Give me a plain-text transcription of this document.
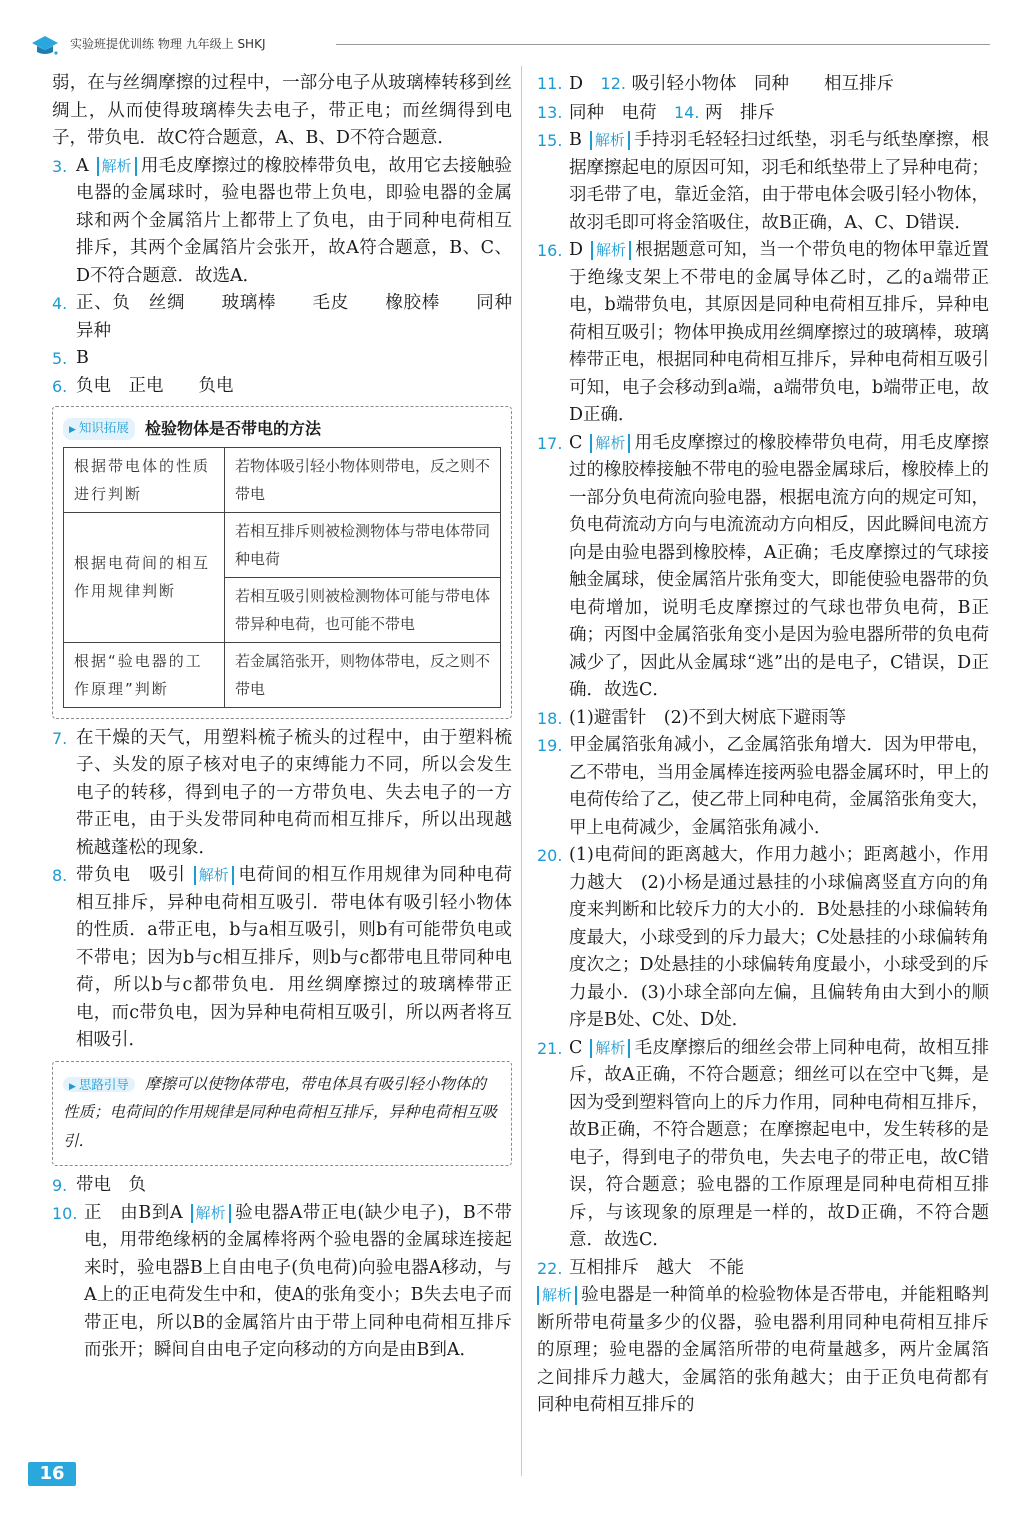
实验班提优训练 物理 九年级上 SHKJ

弱，在与丝绸摩擦的过程中，一部分电子从玻璃棒转移到丝绸上，从而使得玻璃棒失去电子，带正电；而丝绸得到电子，带负电．故C符合题意，A、B、D不符合题意．

3. A 解析 用毛皮摩擦过的橡胶棒带负电，故用它去接触验电器的金属球时，验电器也带上负电，即验电器的金属球和两个金属箔片上都带上了负电，由于同种电荷相互排斥，其两个金属箔片会张开，故A符合题意，B、C、D不符合题意．故选A．
4. 正、负　丝绸　　玻璃棒　　毛皮　　橡胶棒　　同种　　异种
5. B
6. 负电　正电　　负电
▶ 知识拓展	检验物体是否带电的方法
根据带电体的性质进行判断	若物体吸引轻小物体则带电，反之则不带电
根据电荷间的相互作用规律判断	若相互排斥则被检测物体与带电体带同种电荷
	若相互吸引则被检测物体可能与带电体带异种电荷，也可能不带电
根据“验电器的工作原理”判断	若金属箔张开，则物体带电，反之则不带电
7. 在干燥的天气，用塑料梳子梳头的过程中，由于塑料梳子、头发的原子核对电子的束缚能力不同，所以会发生电子的转移，得到电子的一方带负电、失去电子的一方带正电，由于头发带同种电荷而相互排斥，所以出现越梳越蓬松的现象．
8. 带负电　吸引 解析 电荷间的相互作用规律为同种电荷相互排斥，异种电荷相互吸引．带电体有吸引轻小物体的性质．a带正电，b与a相互吸引，则b有可能带负电或不带电；因为b与c相互排斥，则b与c都带电且带同种电荷，所以b与c都带负电．用丝绸摩擦过的玻璃棒带正电，而c带负电，因为异种电荷相互吸引，所以两者将互相吸引．
▶ 思路引导 摩擦可以使物体带电，带电体具有吸引轻小物体的性质；电荷间的作用规律是同种电荷相互排斥，异种电荷相互吸引．
9. 带电　负
10. 正　由B到A 解析 验电器A带正电(缺少电子)，B不带电，用带绝缘柄的金属棒将两个验电器的金属球连接起来时，验电器B上自由电子(负电荷)向验电器A移动，与A上的正电荷发生中和，使A的张角变小；B失去电子而带正电，所以B的金属箔片由于带上同种电荷相互排斥而张开；瞬间自由电子定向移动的方向是由B到A．
11. D　 12. 吸引轻小物体　同种　　相互排斥
13. 同种　电荷　 14. 两　排斥
15. B 解析 手持羽毛轻轻扫过纸垫，羽毛与纸垫摩擦，根据摩擦起电的原因可知，羽毛和纸垫带上了异种电荷；羽毛带了电，靠近金箔，由于带电体会吸引轻小物体，故羽毛即可将金箔吸住，故B正确，A、C、D错误．
16. D 解析 根据题意可知，当一个带负电的物体甲靠近置于绝缘支架上不带电的金属导体乙时，乙的a端带正电，b端带负电，其原因是同种电荷相互排斥，异种电荷相互吸引；物体甲换成用丝绸摩擦过的玻璃棒，玻璃棒带正电，根据同种电荷相互排斥，异种电荷相互吸引可知，电子会移动到a端，a端带负电，b端带正电，故D正确．
17. C 解析 用毛皮摩擦过的橡胶棒带负电荷，用毛皮摩擦过的橡胶棒接触不带电的验电器金属球后，橡胶棒上的一部分负电荷流向验电器，根据电流方向的规定可知，负电荷流动方向与电流流动方向相反，因此瞬间电流方向是由验电器到橡胶棒，A正确；毛皮摩擦过的气球接触金属球，使金属箔片张角变大，即能使验电器带的负电荷增加，说明毛皮摩擦过的气球也带负电荷，B正确；丙图中金属箔张角变小是因为验电器所带的负电荷减少了，因此从金属球“逃”出的是电子，C错误，D正确．故选C．
18. (1)避雷针　(2)不到大树底下避雨等
19. 甲金属箔张角减小，乙金属箔张角增大．因为甲带电，乙不带电，当用金属棒连接两验电器金属环时，甲上的电荷传给了乙，使乙带上同种电荷，金属箔张角变大，甲上电荷减少，金属箔张角减小．
20. (1)电荷间的距离越大，作用力越小；距离越小，作用力越大　(2)小杨是通过悬挂的小球偏离竖直方向的角度来判断和比较斥力的大小的．B处悬挂的小球偏转角度最大，小球受到的斥力最大；C处悬挂的小球偏转角度次之；D处悬挂的小球偏转角度最小，小球受到的斥力最小．(3)小球全部向左偏，且偏转角由大到小的顺序是B处、C处、D处．
21. C 解析 毛皮摩擦后的细丝会带上同种电荷，故相互排斥，故A正确，不符合题意；细丝可以在空中飞舞，是因为受到塑料管向上的斥力作用，同种电荷相互排斥，故B正确，不符合题意；在摩擦起电中，发生转移的是电子，得到电子的带负电，失去电子的带正电，故C错误，符合题意；验电器的工作原理是同种电荷相互排斥，与该现象的原理是一样的，故D正确，不符合题意．故选C．
22. 互相排斥　越大　不能

解析 验电器是一种简单的检验物体是否带电，并能粗略判断所带电荷量多少的仪器，验电器利用同种电荷相互排斥的原理；验电器的金属箔所带的电荷量越多，两片金属箔之间排斥力越大，金属箔的张角越大；由于正负电荷都有同种电荷相互排斥的

16
